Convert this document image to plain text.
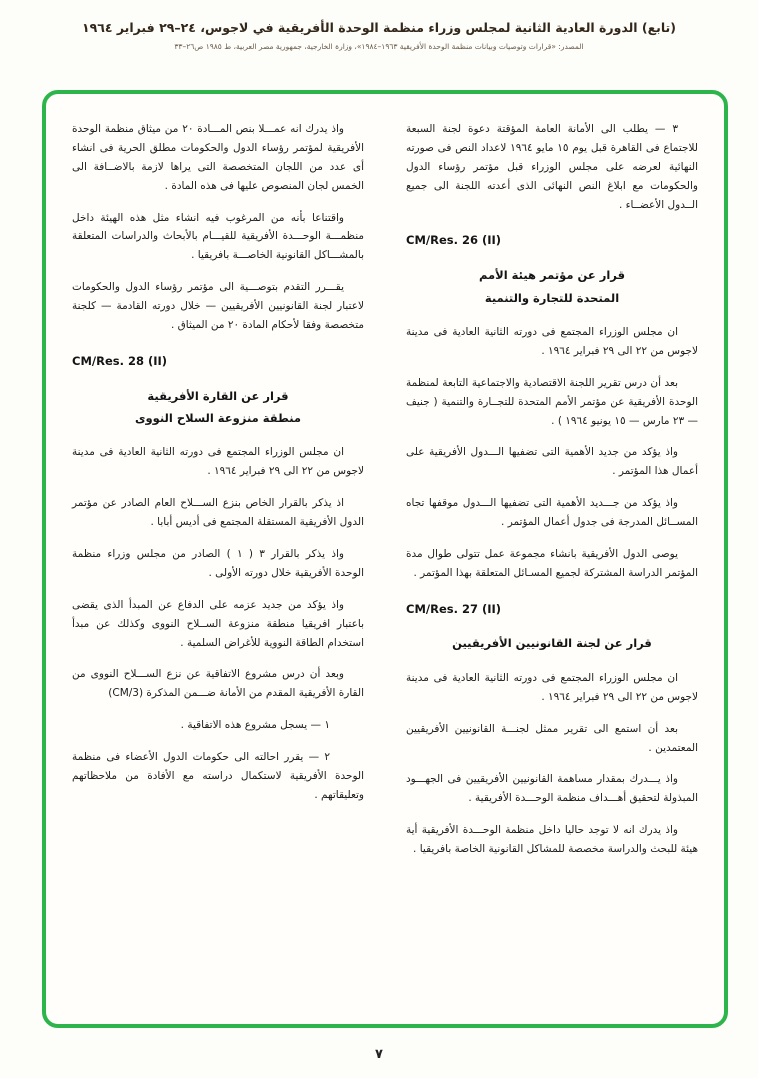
(تابع) الدورة العادية الثانية لمجلس وزراء منظمة الوحدة الأفريقية في لاجوس، ٢٤–٢٩ فبراير ١٩٦٤
المصدر: «قرارات وتوصيات وبيانات منظمة الوحدة الأفريقية ١٩٦٣–١٩٨٤»، وزارة الخارجية، جمهورية مصر العربية، ط ١٩٨٥ ص٢٦–٣٣

٣ — يطلب الى الأمانة العامة المؤقتة دعوة لجنة السبعة للاجتماع فى القاهرة قبل يوم ١٥ مايو ١٩٦٤ لاعداد النص فى صورته النهائية لعرضه على مجلس الوزراء قبل مؤتمر رؤساء الدول والحكومات مع ابلاغ النص النهائى الذى أعدته اللجنة الى جميع الــدول الأعضــاء .

CM/Res. 26 (II)
قرار عن مؤتمر هيئة الأمم
المتحدة للتجارة والتنمية

ان مجلس الوزراء المجتمع فى دورته الثانية العادية فى مدينة لاجوس من ٢٢ الى ٢٩ فبراير ١٩٦٤ .

بعد أن درس تقرير اللجنة الاقتصادية والاجتماعية التابعة لمنظمة الوحدة الأفريقية عن مؤتمر الأمم المتحدة للتجــارة والتنمية ( جنيف — ٢٣ مارس — ١٥ يونيو ١٩٦٤ ) .

واذ يؤكد من جديد الأهمية التى تضفيها الـــدول الأفريقية على أعمال هذا المؤتمر .

واذ يؤكد من جـــديد الأهمية التى تضفيها الـــدول موقفها تجاه المســائل المدرجة فى جدول أعمال المؤتمر .

يوصى الدول الأفريقية بانشاء مجموعة عمل تتولى طوال مدة المؤتمر الدراسة المشتركة لجميع المسـائل المتعلقة بهذا المؤتمر .

CM/Res. 27 (II)
قرار عن لجنة القانونيين الأفريقيين

ان مجلس الوزراء المجتمع فى دورته الثانية العادية فى مدينة لاجوس من ٢٢ الى ٢٩ فبراير ١٩٦٤ .

بعد أن استمع الى تقرير ممثل لجنـــة القانونيين الأفريقيين المعتمدين .

واذ يـــدرك بمقدار مساهمة القانونيين الأفريقيين فى الجهـــود المبذولة لتحقيق أهـــداف منظمة الوحـــدة الأفريقية .

واذ يدرك انه لا توجد حاليا داخل منظمة الوحـــدة الأفريقية أية هيئة للبحث والدراسة مخصصة للمشاكل القانونية الخاصة بافريقيا .

واذ يدرك انه عمـــلا بنص المـــادة ٢٠ من ميثاق منظمة الوحدة الأفريقية لمؤتمر رؤساء الدول والحكومات مطلق الحرية فى انشاء أى عدد من اللجان المتخصصة التى يراها لازمة بالاضــافة الى الخمس لجان المنصوص عليها فى هذه المادة .

واقتناعا بأنه من المرغوب فيه انشاء مثل هذه الهيئة داخل منظمـــة الوحـــدة الأفريقية للقيـــام بالأبحاث والدراسات المتعلقة بالمشـــاكل القانونية الخاصـــة بافريقيا .

يقـــرر التقدم بتوصـــية الى مؤتمر رؤساء الدول والحكومات لاعتبار لجنة القانونيين الأفريقيين — خلال دورته القادمة — كلجنة متخصصة وفقا لأحكام المادة ٢٠ من الميثاق .

CM/Res. 28 (II)
قرار عن القارة الأفريقية
منطقة منزوعة السلاح النووى

ان مجلس الوزراء المجتمع فى دورته الثانية العادية فى مدينة لاجوس من ٢٢ الى ٢٩ فبراير ١٩٦٤ .

اذ يذكر بالقرار الخاص بنزع الســـلاح العام الصادر عن مؤتمر الدول الأفريقية المستقلة المجتمع فى أديس أبابا .

واذ يذكر بالقرار ٣ ( ١ ) الصادر من مجلس وزراء منظمة الوحدة الأفريقية خلال دورته الأولى .

واذ يؤكد من جديد عزمه على الدفاع عن المبدأ الذى يقضى باعتبار افريقيا منطقة منزوعة الســلاح النووى وكذلك عن مبدأ استخدام الطاقة النووية للأغراض السلمية .

وبعد أن درس مشروع الاتفاقية عن نزع الســـلاح النووى من القارة الأفريقية المقدم من الأمانة ضـــمن المذكرة (CM/3)

١ — يسجل مشروع هذه الاتفاقية .

٢ — يقرر احالته الى حكومات الدول الأعضاء فى منظمة الوحدة الأفريقية لاستكمال دراسته مع الأفادة من ملاحظاتهم وتعليقاتهم .

٧
